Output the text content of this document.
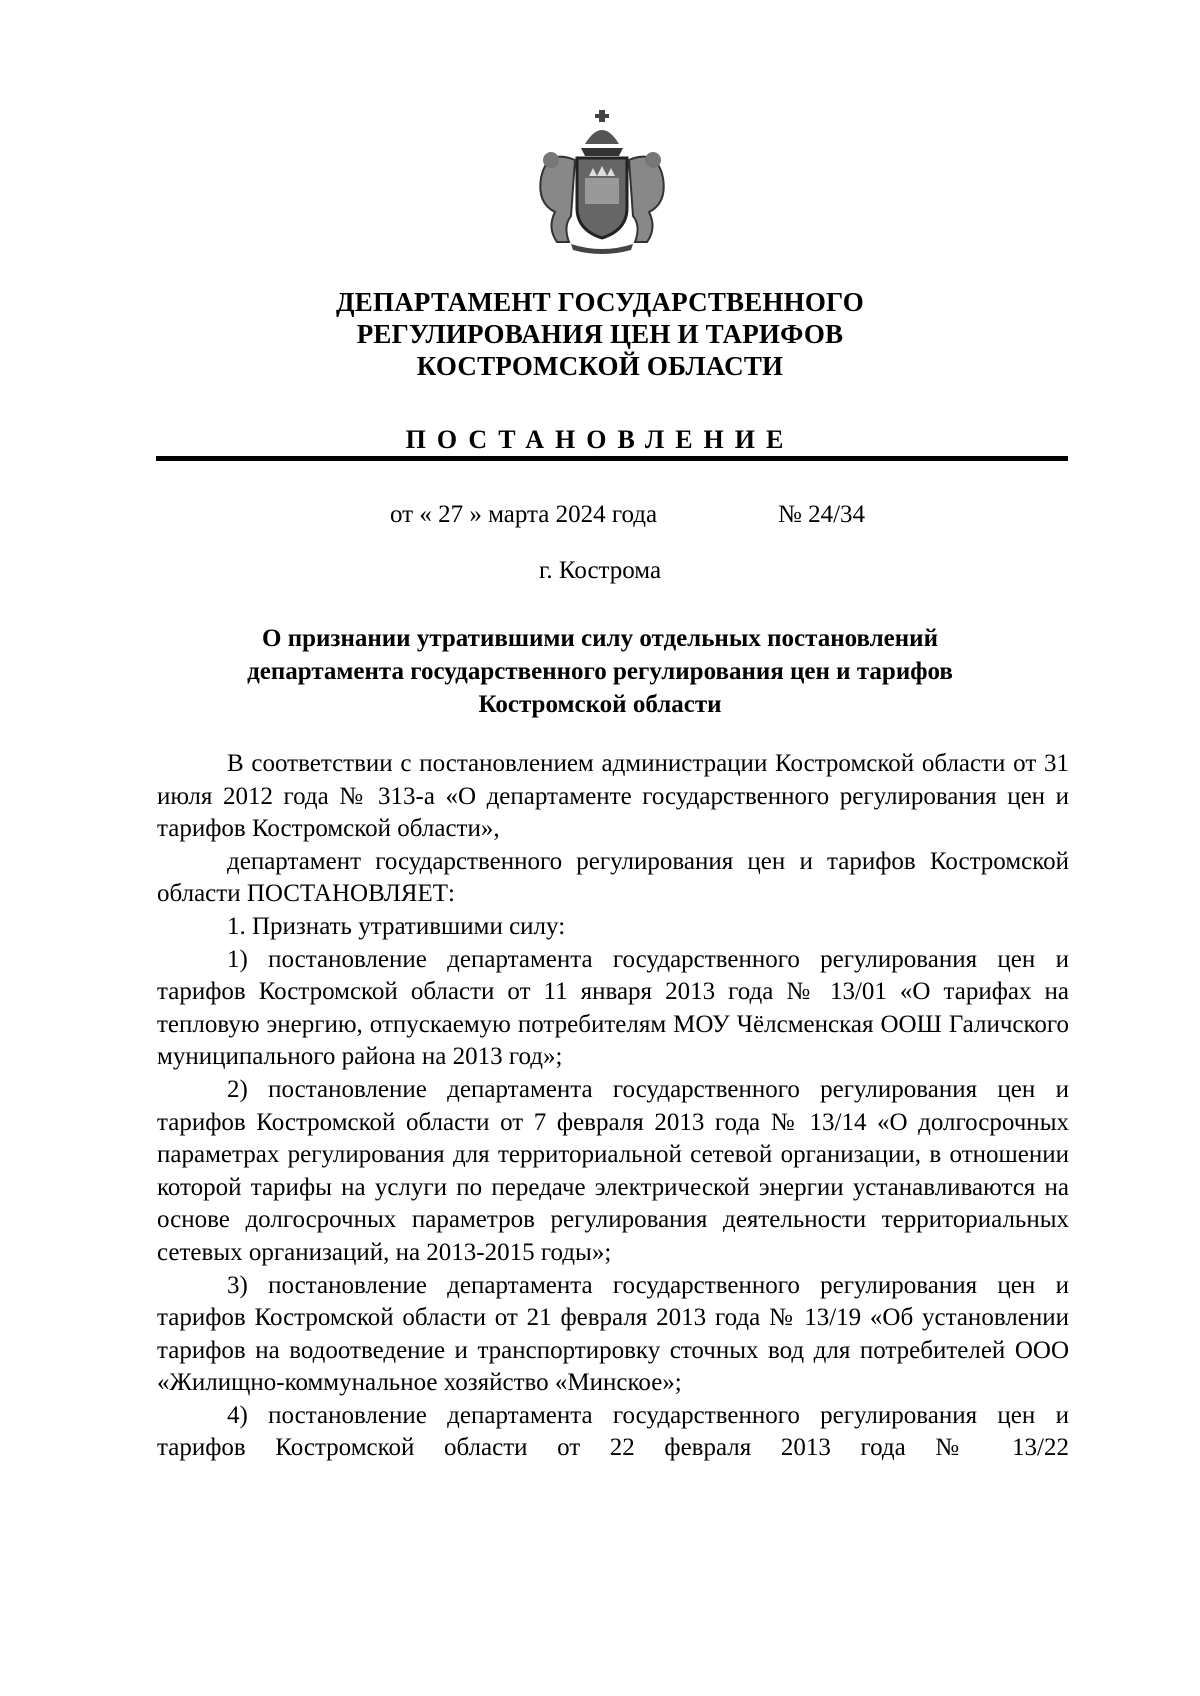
ДЕПАРТАМЕНТ ГОСУДАРСТВЕННОГО
РЕГУЛИРОВАНИЯ ЦЕН И ТАРИФОВ
КОСТРОМСКОЙ ОБЛАСТИ
ПОСТАНОВЛЕНИЕ
от « 27 » марта 2024 года	№ 24/34
г. Кострома
О признании утратившими силу отдельных постановлений
департамента государственного регулирования цен и тарифов
Костромской области

В соответствии с постановлением администрации Костромской области от 31 июля 2012 года № 313-а «О департаменте государственного регулирования цен и тарифов Костромской области»,

департамент государственного регулирования цен и тарифов Костромской области ПОСТАНОВЛЯЕТ:

1. Признать утратившими силу:

1) постановление департамента государственного регулирования цен и тарифов Костромской области от 11 января 2013 года № 13/01 «О тарифах на тепловую энергию, отпускаемую потребителям МОУ Чёлсменская ООШ Галичского муниципального района на 2013 год»;

2) постановление департамента государственного регулирования цен и тарифов Костромской области от 7 февраля 2013 года № 13/14 «О долгосрочных параметрах регулирования для территориальной сетевой организации, в отношении которой тарифы на услуги по передаче электрической энергии устанавливаются на основе долгосрочных параметров регулирования деятельности территориальных сетевых организаций, на 2013-2015 годы»;

3) постановление департамента государственного регулирования цен и тарифов Костромской области от 21 февраля 2013 года № 13/19 «Об установлении тарифов на водоотведение и транспортировку сточных вод для потребителей ООО «Жилищно-коммунальное хозяйство «Минское»;

4) постановление департамента государственного регулирования цен и тарифов Костромской области от 22 февраля 2013 года № 13/22
